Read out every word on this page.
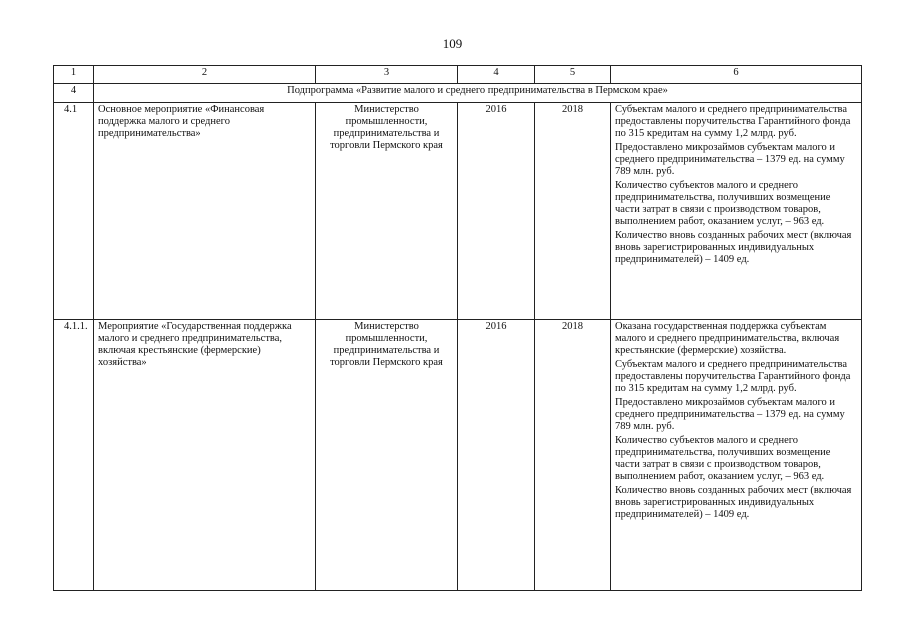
109
1	2	3	4	5	6
4	Подпрограмма «Развитие малого и среднего предпринимательства в Пермском крае»				
4.1	Основное мероприятие «Финансовая поддержка малого и среднего предпринимательства»	Министерство промышленности, предпринимательства и торговли Пермского края	2016	2018	Субъектам малого и среднего предпринимательства предоставлены поручительства Гарантийного фонда по 315 кредитам на сумму 1,2 млрд. руб.

Предоставлено микрозаймов субъектам малого и среднего предпринимательства – 1379 ед. на сумму 789 млн. руб.

Количество субъектов малого и среднего предпринимательства, получивших возмещение части затрат в связи с производством товаров, выполнением работ, оказанием услуг, – 963 ед.

Количество вновь созданных рабочих мест (включая вновь зарегистрированных индивидуальных предпринимателей) – 1409 ед.

4.1.1.	Мероприятие «Государственная поддержка малого и среднего предпринимательства, включая крестьянские (фермерские) хозяйства»	Министерство промышленности, предпринимательства и торговли Пермского края	2016	2018	Оказана государственная поддержка субъектам малого и среднего предпринимательства, включая крестьянские (фермерские) хозяйства.

Субъектам малого и среднего предпринимательства предоставлены поручительства Гарантийного фонда по 315 кредитам на сумму 1,2 млрд. руб.

Предоставлено микрозаймов субъектам малого и среднего предпринимательства – 1379 ед. на сумму 789 млн. руб.

Количество субъектов малого и среднего предпринимательства, получивших возмещение части затрат в связи с производством товаров, выполнением работ, оказанием услуг, – 963 ед.

Количество вновь созданных рабочих мест (включая вновь зарегистрированных индивидуальных предпринимателей) – 1409 ед.
